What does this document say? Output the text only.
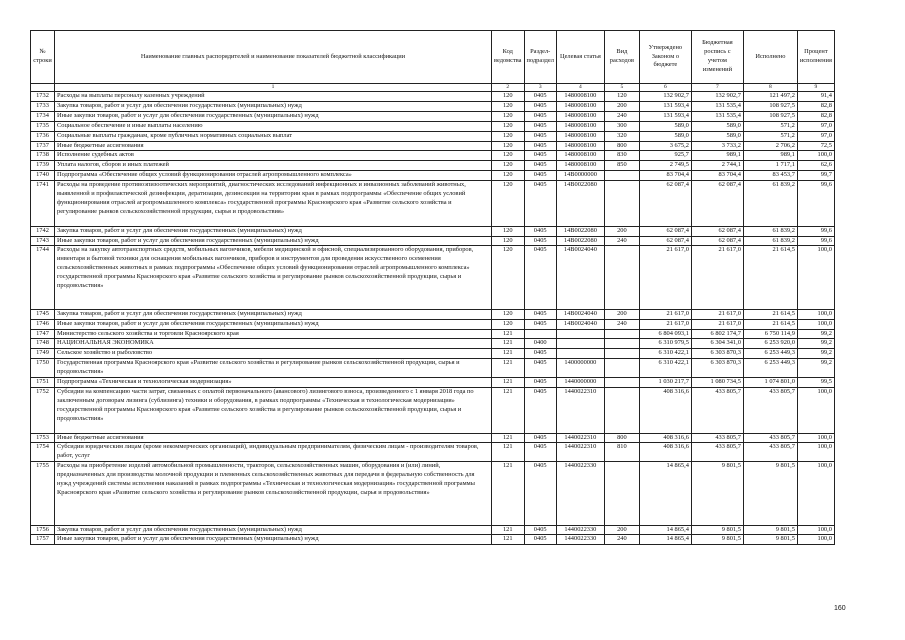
№ строки	Наименование главных распорядителей и наименование показателей бюджетной классификации	Код ведомства	Раздел-подраздел	Целевая статья	Вид расходов	Утверждено Законом о бюджете	Бюджетная роспись с учетом изменений	Исполнено	Процент исполнения
	1	2	3	4	5	6	7	8	9
1732	Расходы на выплаты персоналу казенных учреждений	120	0405	1480008100	120	132 902,7	132 902,7	121 497,2	91,4
1733	Закупка товаров, работ и услуг для обеспечения государственных (муниципальных) нужд	120	0405	1480008100	200	131 593,4	131 535,4	108 927,5	82,8
1734	Иные закупки товаров, работ и услуг для обеспечения государственных (муниципальных) нужд	120	0405	1480008100	240	131 593,4	131 535,4	108 927,5	82,8
1735	Социальное обеспечение и иные выплаты населению	120	0405	1480008100	300	589,0	589,0	571,2	97,0
1736	Социальные выплаты гражданам, кроме публичных нормативных социальных выплат	120	0405	1480008100	320	589,0	589,0	571,2	97,0
1737	Иные бюджетные ассигнования	120	0405	1480008100	800	3 675,2	3 733,2	2 706,2	72,5
1738	Исполнение судебных актов	120	0405	1480008100	830	925,7	989,1	989,1	100,0
1739	Уплата налогов, сборов и иных платежей	120	0405	1480008100	850	2 749,5	2 744,1	1 717,1	62,6
1740	Подпрограмма «Обеспечение общих условий функционирования отраслей агропромышленного комплекса»	120	0405	14В0000000		83 704,4	83 704,4	83 453,7	99,7
1741	Расходы на проведение противоэпизоотических мероприятий, диагностических исследований инфекционных и инвазионных заболеваний животных, выявленной и профилактической дезинфекции, дератизации, дезинсекции на территории края в рамках подпрограммы «Обеспечение общих условий функционирования отраслей агропромышленного комплекса» государственной программы Красноярского края «Развитие сельского хозяйства и регулирование рынков сельскохозяйственной продукции, сырья и продовольствия»	120	0405	14В0022080		62 087,4	62 087,4	61 839,2	99,6
1742	Закупка товаров, работ и услуг для обеспечения государственных (муниципальных) нужд	120	0405	14В0022080	200	62 087,4	62 087,4	61 839,2	99,6
1743	Иные закупки товаров, работ и услуг для обеспечения государственных (муниципальных) нужд	120	0405	14В0022080	240	62 087,4	62 087,4	61 839,2	99,6
1744	Расходы на закупку автотранспортных средств, мобильных вагончиков, мебели медицинской и офисной, специализированного оборудования, приборов, инвентаря и бытовой техники для оснащения мобильных вагончиков, приборов и инструментов для проведения искусственного осеменения сельскохозяйственных животных в рамках подпрограммы «Обеспечение общих условий функционирования отраслей агропромышленного комплекса» государственной программы Красноярского края «Развитие сельского хозяйства и регулирование рынков сельскохозяйственной продукции, сырья и продовольствия»	120	0405	14В0024040		21 617,0	21 617,0	21 614,5	100,0
1745	Закупка товаров, работ и услуг для обеспечения государственных (муниципальных) нужд	120	0405	14В0024040	200	21 617,0	21 617,0	21 614,5	100,0
1746	Иные закупки товаров, работ и услуг для обеспечения государственных (муниципальных) нужд	120	0405	14В0024040	240	21 617,0	21 617,0	21 614,5	100,0
1747	Министерство сельского хозяйства и торговли Красноярского края	121				6 804 093,1	6 802 174,7	6 750 114,9	99,2
1748	НАЦИОНАЛЬНАЯ ЭКОНОМИКА	121	0400			6 310 979,5	6 304 341,0	6 253 920,0	99,2
1749	Сельское хозяйство и рыболовство	121	0405			6 310 422,1	6 303 870,3	6 253 449,3	99,2
1750	Государственная программа Красноярского края «Развитие сельского хозяйства и регулирование рынков сельскохозяйственной продукции, сырья и продовольствия»	121	0405	1400000000		6 310 422,1	6 303 870,3	6 253 449,3	99,2
1751	Подпрограмма «Техническая и технологическая модернизация»	121	0405	1440000000		1 030 217,7	1 080 734,5	1 074 801,0	99,5
1752	Субсидии на компенсацию части затрат, связанных с оплатой первоначального (авансового) лизингового взноса, произведенного с 1 января 2018 года по заключенным договорам лизинга (сублизинга) техники и оборудования, в рамках подпрограммы «Техническая и технологическая модернизация» государственной программы Красноярского края «Развитие сельского хозяйства и регулирование рынков сельскохозяйственной продукции, сырья и продовольствия»	121	0405	1440022310		408 316,6	433 805,7	433 805,7	100,0
1753	Иные бюджетные ассигнования	121	0405	1440022310	800	408 316,6	433 805,7	433 805,7	100,0
1754	Субсидии юридическим лицам (кроме некоммерческих организаций), индивидуальным предпринимателям, физическим лицам - производителям товаров, работ, услуг	121	0405	1440022310	810	408 316,6	433 805,7	433 805,7	100,0
1755	Расходы на приобретение изделий автомобильной промышленности, тракторов, сельскохозяйственных машин, оборудования и (или) линий, предназначенных для производства молочной продукции и племенных сельскохозяйственных животных для передачи в федеральную собственность для нужд учреждений системы исполнения наказаний в рамках подпрограммы «Техническая и технологическая модернизация» государственной программы Красноярского края «Развитие сельского хозяйства и регулирование рынков сельскохозяйственной продукции, сырья и продовольствия»	121	0405	1440022330		14 865,4	9 801,5	9 801,5	100,0
1756	Закупка товаров, работ и услуг для обеспечения государственных (муниципальных) нужд	121	0405	1440022330	200	14 865,4	9 801,5	9 801,5	100,0
1757	Иные закупки товаров, работ и услуг для обеспечения государственных (муниципальных) нужд	121	0405	1440022330	240	14 865,4	9 801,5	9 801,5	100,0
160
